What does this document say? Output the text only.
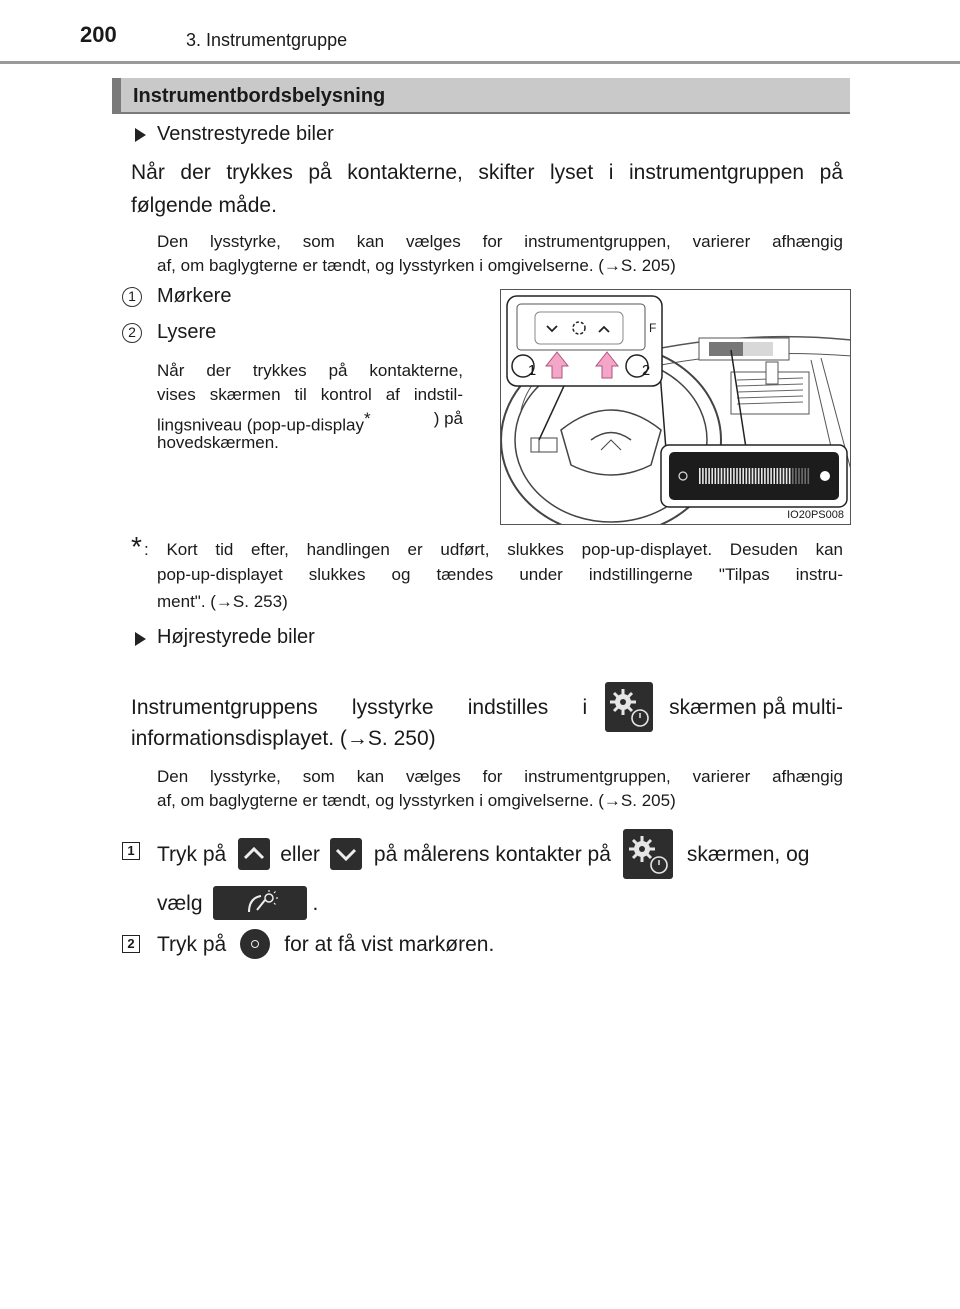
200	3. Instrumentgruppe
Instrumentbordsbelysning
Venstrestyrede biler
Når der trykkes på kontakterne, skifter lyset i instrumentgruppen på
følgende måde.
Den lysstyrke, som kan vælges for instrumentgruppen, varierer afhængig
af, om baglygterne er tændt, og lysstyrken i omgivelserne. (→S. 205)
1	Mørkere
2	Lysere
Når der trykkes på kontakterne,
vises skærmen til kontrol af indstil-
lingsniveau (pop-up-display*	) på
hovedskærmen.
F
1	2
IO20PS008
* : Kort tid efter, handlingen er udført, slukkes pop-up-displayet. Desuden kan
pop-up-displayet slukkes og tændes under indstillingerne "Tilpas instru-
ment". (→S. 253)
Højrestyrede biler
Instrumentgruppens lysstyrke indstilles i	skærmen på multi-
informationsdisplayet. (→S. 250)
Den lysstyrke, som kan vælges for instrumentgruppen, varierer afhængig
af, om baglygterne er tændt, og lysstyrken i omgivelserne. (→S. 205)
1 Tryk på	eller	på målerens kontakter på	skærmen, og
vælg	.
2 Tryk på	for at få vist markøren.
